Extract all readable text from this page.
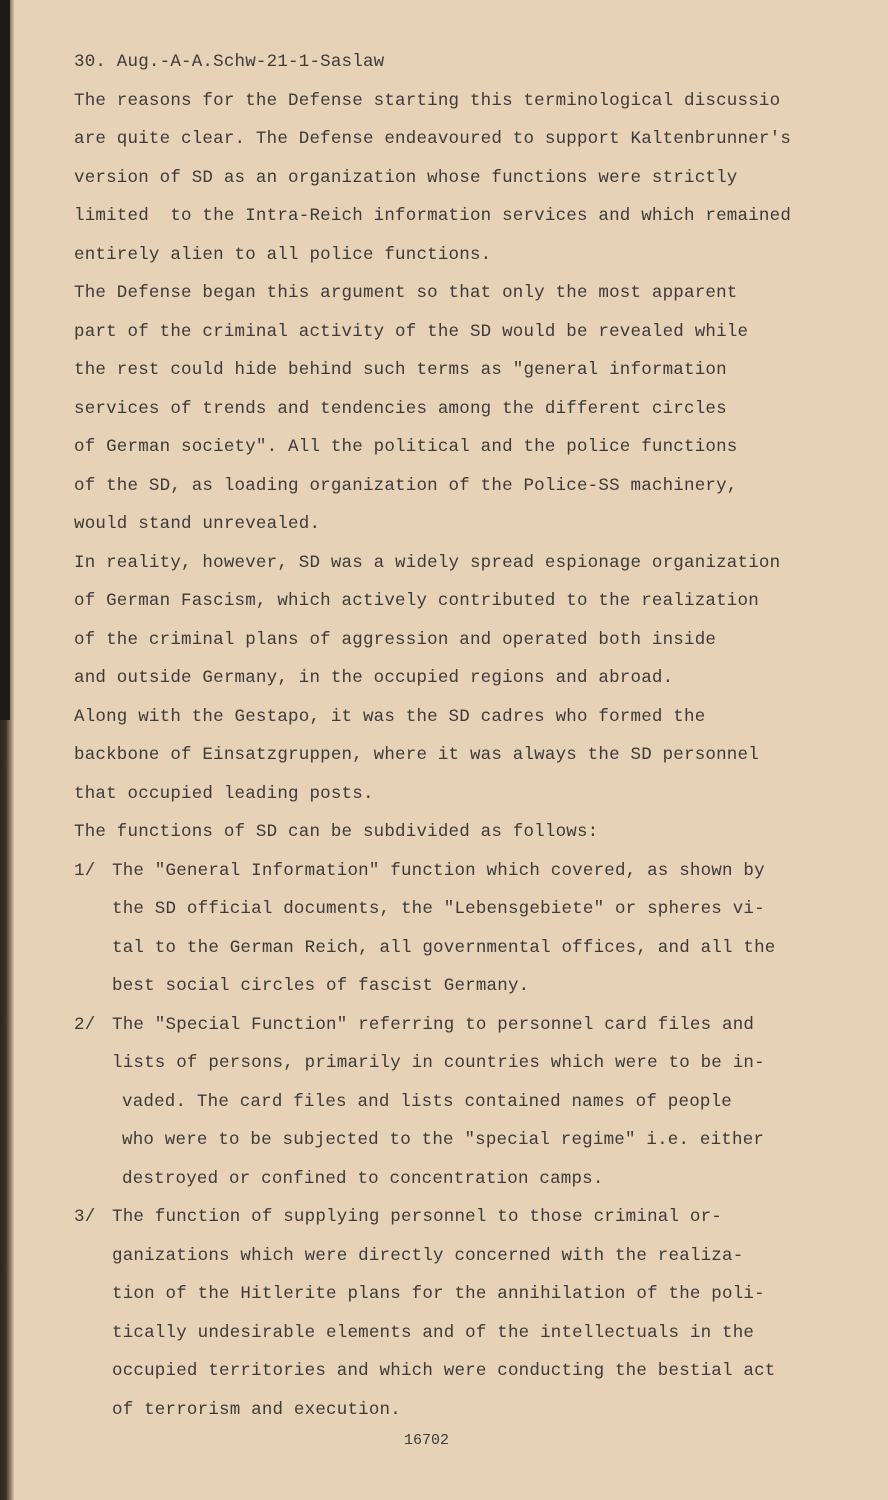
30. Aug.-A-A.Schw-21-1-Saslaw
The reasons for the Defense starting this terminological discussio
are quite clear. The Defense endeavoured to support Kaltenbrunner's
version of SD as an organization whose functions were strictly
limited  to the Intra-Reich information services and which remained
entirely alien to all police functions.
The Defense began this argument so that only the most apparent
part of the criminal activity of the SD would be revealed while
the rest could hide behind such terms as "general information
services of trends and tendencies among the different circles
of German society". All the political and the police functions
of the SD, as loading organization of the Police-SS machinery,
would stand unrevealed.
In reality, however, SD was a widely spread espionage organization
of German Fascism, which actively contributed to the realization
of the criminal plans of aggression and operated both inside
and outside Germany, in the occupied regions and abroad.
Along with the Gestapo, it was the SD cadres who formed the
backbone of Einsatzgruppen, where it was always the SD personnel
that occupied leading posts.
The functions of SD can be subdivided as follows:
1/ The "General Information" function which covered, as shown by
the SD official documents, the "Lebensgebiete" or spheres vi-
tal to the German Reich, all governmental offices, and all the
best social circles of fascist Germany.
2/ The "Special Function" referring to personnel card files and
lists of persons, primarily in countries which were to be in-
vaded. The card files and lists contained names of people
who were to be subjected to the "special regime" i.e. either
destroyed or confined to concentration camps.
3/ The function of supplying personnel to those criminal or-
ganizations which were directly concerned with the realiza-
tion of the Hitlerite plans for the annihilation of the poli-
tically undesirable elements and of the intellectuals in the
occupied territories and which were conducting the bestial act
of terrorism and execution.
16702
